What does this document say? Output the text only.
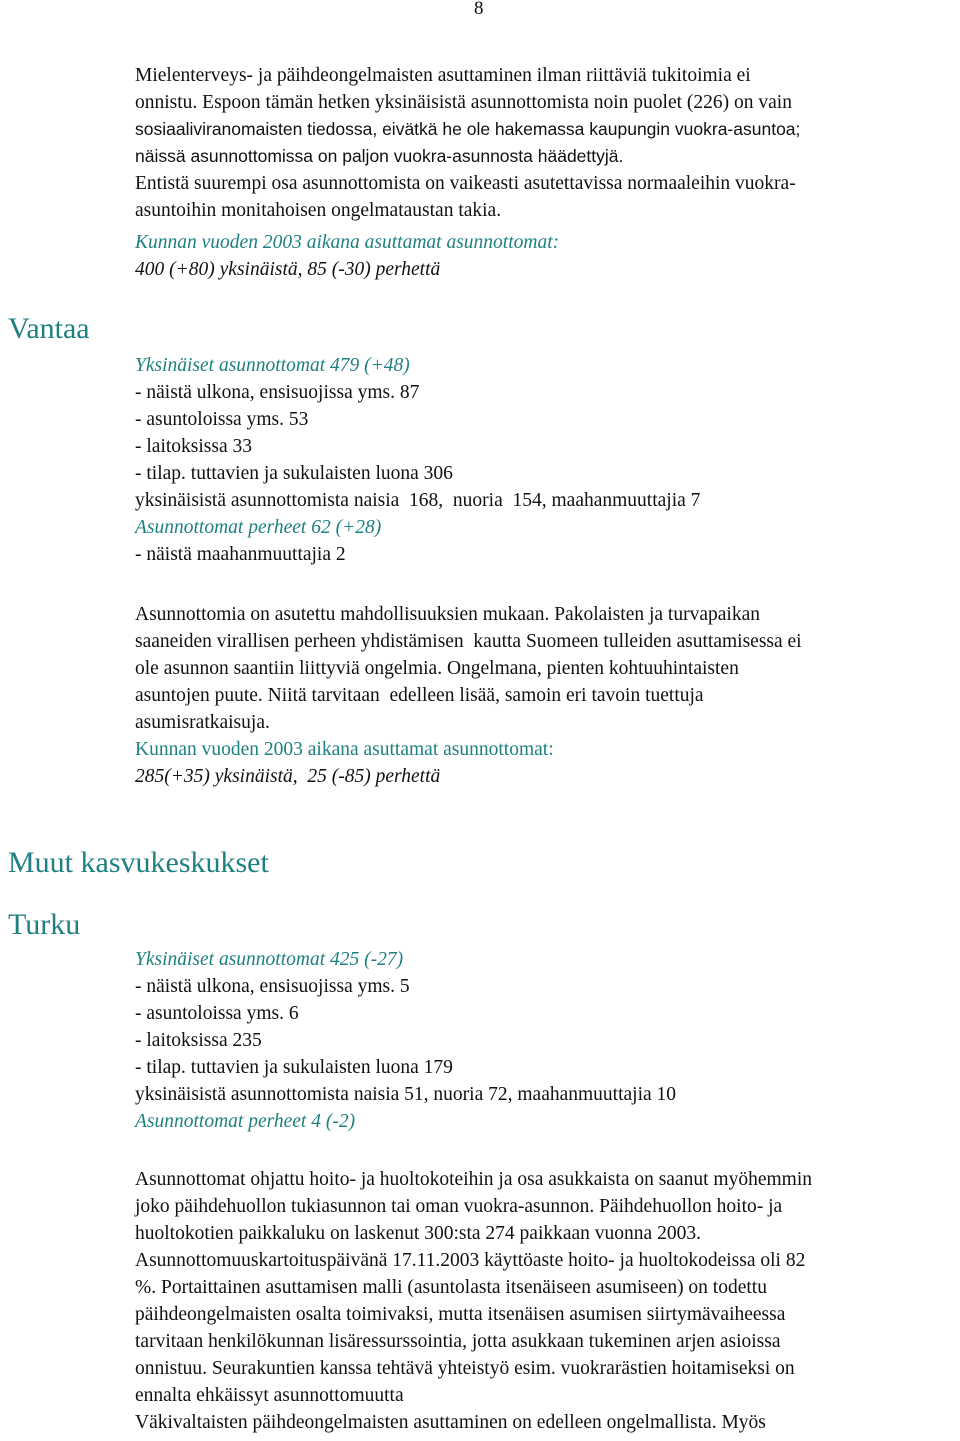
8
Mielenterveys- ja päihdeongelmaisten asuttaminen ilman riittäviä tukitoimia ei
onnistu. Espoon tämän hetken yksinäisistä asunnottomista noin puolet (226) on vain
sosiaaliviranomaisten tiedossa, eivätkä he ole hakemassa kaupungin vuokra-asuntoa;
näissä asunnottomissa on paljon vuokra-asunnosta häädettyjä.
Entistä suurempi osa asunnottomista on vaikeasti asutettavissa normaaleihin vuokra-
asuntoihin monitahoisen ongelmataustan takia.
Kunnan vuoden 2003 aikana asuttamat asunnottomat:
400 (+80) yksinäistä, 85 (-30) perhettä
Vantaa
Yksinäiset asunnottomat 479 (+48)
- näistä ulkona, ensisuojissa yms. 87
- asuntoloissa yms. 53
- laitoksissa 33
- tilap. tuttavien ja sukulaisten luona 306
yksinäisistä asunnottomista naisia  168,  nuoria  154, maahanmuuttajia 7
Asunnottomat perheet 62 (+28)
- näistä maahanmuuttajia 2
Asunnottomia on asutettu mahdollisuuksien mukaan. Pakolaisten ja turvapaikan
saaneiden virallisen perheen yhdistämisen  kautta Suomeen tulleiden asuttamisessa ei
ole asunnon saantiin liittyviä ongelmia. Ongelmana, pienten kohtuuhintaisten
asuntojen puute. Niitä tarvitaan  edelleen lisää, samoin eri tavoin tuettuja
asumisratkaisuja.
Kunnan vuoden 2003 aikana asuttamat asunnottomat:
285(+35) yksinäistä,  25 (-85) perhettä
Muut kasvukeskukset
Turku
Yksinäiset asunnottomat 425 (-27)
- näistä ulkona, ensisuojissa yms. 5
- asuntoloissa yms. 6
- laitoksissa 235
- tilap. tuttavien ja sukulaisten luona 179
yksinäisistä asunnottomista naisia 51, nuoria 72, maahanmuuttajia 10
Asunnottomat perheet 4 (-2)
Asunnottomat ohjattu hoito- ja huoltokoteihin ja osa asukkaista on saanut myöhemmin
joko päihdehuollon tukiasunnon tai oman vuokra-asunnon. Päihdehuollon hoito- ja
huoltokotien paikkaluku on laskenut 300:sta 274 paikkaan vuonna 2003.
Asunnottomuuskartoituspäivänä 17.11.2003 käyttöaste hoito- ja huoltokodeissa oli 82
%. Portaittainen asuttamisen malli (asuntolasta itsenäiseen asumiseen) on todettu
päihdeongelmaisten osalta toimivaksi, mutta itsenäisen asumisen siirtymävaiheessa
tarvitaan henkilökunnan lisäressurssointia, jotta asukkaan tukeminen arjen asioissa
onnistuu. Seurakuntien kanssa tehtävä yhteistyö esim. vuokrarästien hoitamiseksi on
ennalta ehkäissyt asunnottomuutta
Väkivaltaisten päihdeongelmaisten asuttaminen on edelleen ongelmallista. Myös
